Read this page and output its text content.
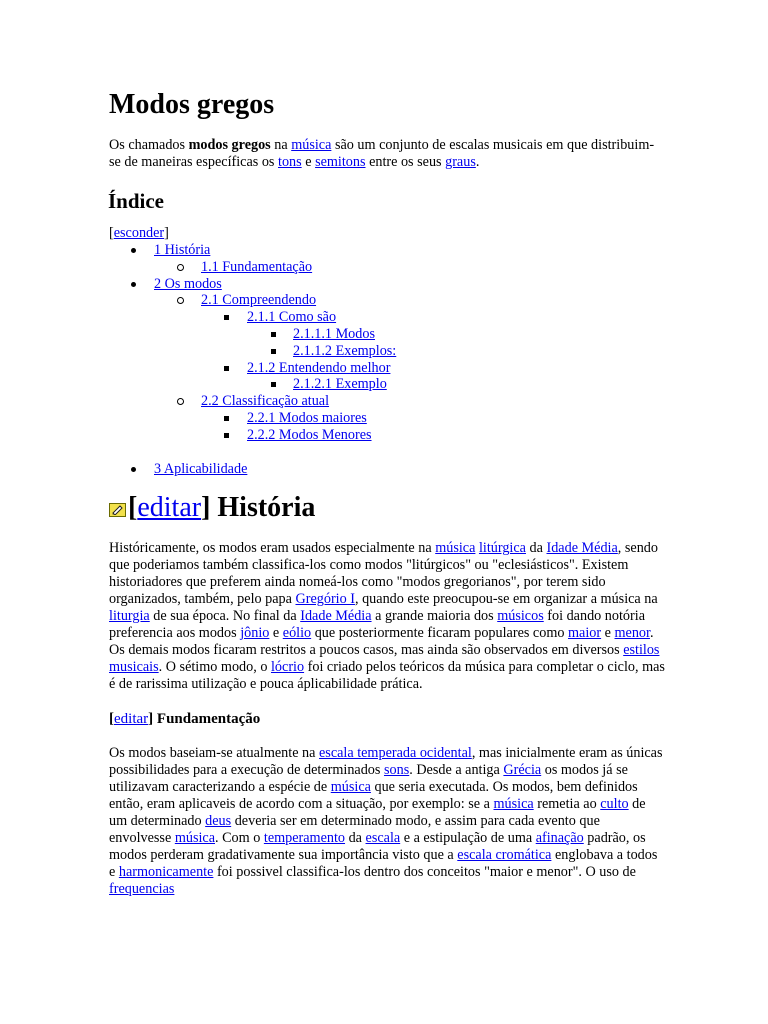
Modos gregos

Os chamados modos gregos na música são um conjunto de escalas musicais em que distribuim-se de maneiras específicas os tons e semitons entre os seus graus.

Índice
[esconder]
1 História
1.1 Fundamentação
2 Os modos
2.1 Compreendendo
2.1.1 Como são
2.1.1.1 Modos
2.1.1.2 Exemplos:
2.1.2 Entendendo melhor
2.1.2.1 Exemplo
2.2 Classificação atual
2.2.1 Modos maiores
2.2.2 Modos Menores
3 Aplicabilidade
[editar] História

Históricamente, os modos eram usados especialmente na música litúrgica da Idade Média, sendo que poderiamos também classifica-los como modos "litúrgicos" ou "eclesiásticos". Existem historiadores que preferem ainda nomeá-los como "modos gregorianos", por terem sido organizados, também, pelo papa Gregório I, quando este preocupou-se em organizar a música na liturgia de sua época. No final da Idade Média a grande maioria dos músicos foi dando notória preferencia aos modos jônio e eólio que posteriormente ficaram populares como maior e menor. Os demais modos ficaram restritos a poucos casos, mas ainda são observados em diversos estilos musicais. O sétimo modo, o lócrio foi criado pelos teóricos da música para completar o ciclo, mas é de rarissima utilização e pouca áplicabilidade prática.

[editar] Fundamentação

Os modos baseiam-se atualmente na escala temperada ocidental, mas inicialmente eram as únicas possibilidades para a execução de determinados sons. Desde a antiga Grécia os modos já se utilizavam caracterizando a espécie de música que seria executada. Os modos, bem definidos então, eram aplicaveis de acordo com a situação, por exemplo: se a música remetia ao culto de um determinado deus deveria ser em determinado modo, e assim para cada evento que envolvesse música. Com o temperamento da escala e a estipulação de uma afinação padrão, os modos perderam gradativamente sua importância visto que a escala cromática englobava a todos e harmonicamente foi possivel classifica-los dentro dos conceitos "maior e menor". O uso de frequencias
